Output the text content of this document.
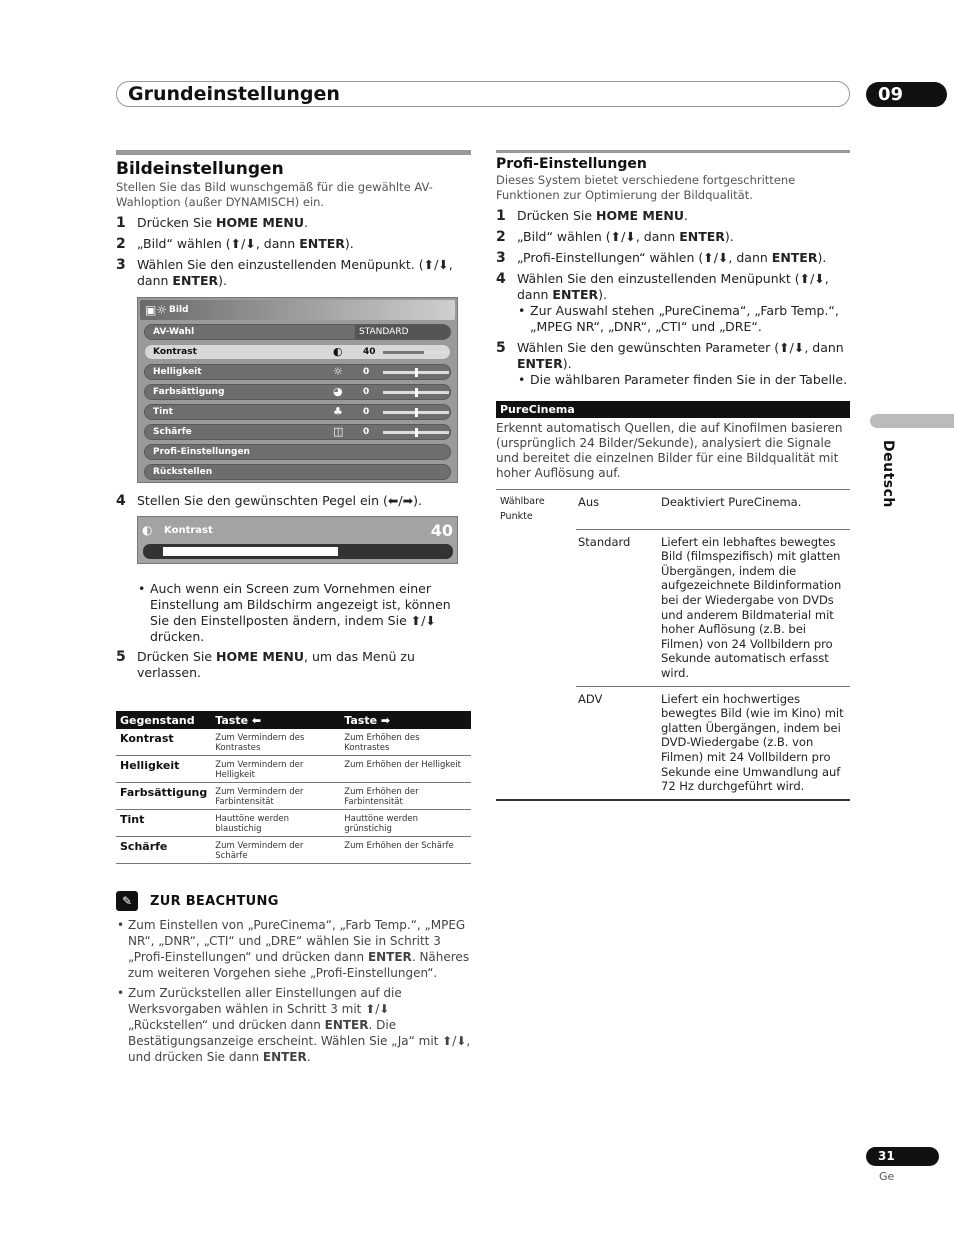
Grundeinstellungen	09
Deutsch
Bildeinstellungen
Stellen Sie das Bild wunschgemäß für die gewählte AV-Wahloption (außer DYNAMISCH) ein.
1 Drücken Sie HOME MENU.
2 „Bild“ wählen (⬆/⬇, dann ENTER).
3 Wählen Sie den einzustellenden Menüpunkt. (⬆/⬇, dann ENTER).
▣☼ Bild
AV-Wahl	STANDARD
Kontrast	◐ 40
Helligkeit	☼ 0
Farbsättigung	◕ 0
Tint	♣ 0
Schärfe	◫ 0
Profi-Einstellungen
Rückstellen
4 Stellen Sie den gewünschten Pegel ein (⬅/➡).
◐	Kontrast	40
• Auch wenn ein Screen zum Vornehmen einer Einstellung am Bildschirm angezeigt ist, können Sie den Einstellposten ändern, indem Sie ⬆/⬇ drücken.
5 Drücken Sie HOME MENU, um das Menü zu verlassen.
Gegenstand	Taste ⬅	Taste ➡
Kontrast	Zum Vermindern des Kontrastes	Zum Erhöhen des Kontrastes
Helligkeit	Zum Vermindern der Helligkeit	Zum Erhöhen der Helligkeit
Farbsättigung	Zum Vermindern der Farbintensität	Zum Erhöhen der Farbintensität
Tint	Hauttöne werden blaustichig	Hauttöne werden grünstichig
Schärfe	Zum Vermindern der Schärfe	Zum Erhöhen der Schärfe
✎	ZUR BEACHTUNG
• Zum Einstellen von „PureCinema“, „Farb Temp.“, „MPEG NR“, „DNR“, „CTI“ und „DRE“ wählen Sie in Schritt 3 „Profi-Einstellungen“ und drücken dann ENTER. Näheres zum weiteren Vorgehen siehe „Profi-Einstellungen“.
• Zum Zurückstellen aller Einstellungen auf die Werksvorgaben wählen in Schritt 3 mit ⬆/⬇ „Rückstellen“ und drücken dann ENTER. Die Bestätigungsanzeige erscheint. Wählen Sie „Ja“ mit ⬆/⬇, und drücken Sie dann ENTER.
Profi-Einstellungen
Dieses System bietet verschiedene fortgeschrittene Funktionen zur Optimierung der Bildqualität.
1 Drücken Sie HOME MENU.
2 „Bild“ wählen (⬆/⬇, dann ENTER).
3 „Profi-Einstellungen“ wählen (⬆/⬇, dann ENTER).
4 Wählen Sie den einzustellenden Menüpunkt (⬆/⬇, dann ENTER).
• Zur Auswahl stehen „PureCinema“, „Farb Temp.“, „MPEG NR“, „DNR“, „CTI“ und „DRE“.
5 Wählen Sie den gewünschten Parameter (⬆/⬇, dann ENTER).
• Die wählbaren Parameter finden Sie in der Tabelle.
PureCinema
Erkennt automatisch Quellen, die auf Kinofilmen basieren (ursprünglich 24 Bilder/Sekunde), analysiert die Signale und bereitet die einzelnen Bilder für eine Bildqualität mit hoher Auflösung auf.
Wählbare Punkte	Aus	Deaktiviert PureCinema.
	Standard	Liefert ein lebhaftes bewegtes Bild (filmspezifisch) mit glatten Übergängen, indem die aufgezeichnete Bildinformation bei der Wiedergabe von DVDs und anderem Bildmaterial mit hoher Auflösung (z.B. bei Filmen) von 24 Vollbildern pro Sekunde automatisch erfasst wird.
	ADV	Liefert ein hochwertiges bewegtes Bild (wie im Kino) mit glatten Übergängen, indem bei DVD-Wiedergabe (z.B. von Filmen) mit 24 Vollbildern pro Sekunde eine Umwandlung auf 72 Hz durchgeführt wird.
31
Ge
